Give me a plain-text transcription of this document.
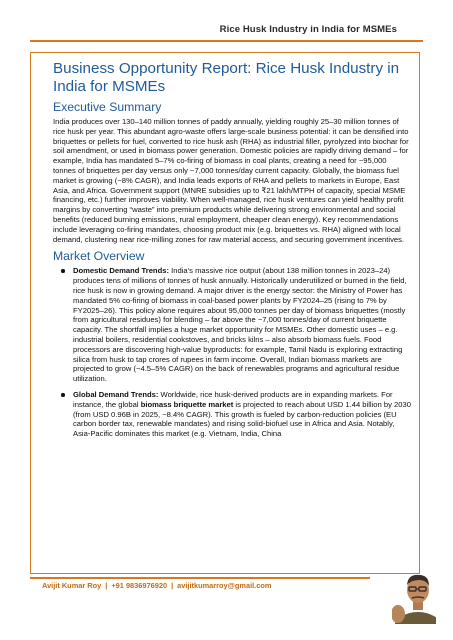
Rice Husk Industry in India for MSMEs
Business Opportunity Report: Rice Husk Industry in India for MSMEs
Executive Summary

India produces over 130–140 million tonnes of paddy annually, yielding roughly 25–30 million tonnes of rice husk per year. This abundant agro-waste offers large-scale business potential: it can be densified into briquettes or pellets for fuel, converted to rice husk ash (RHA) as industrial filler, pyrolyzed into biochar for soil amendment, or used in biomass power generation. Domestic policies are rapidly driving demand – for example, India has mandated 5–7% co-firing of biomass in coal plants, creating a need for ~95,000 tonnes of briquettes per day versus only ~7,000 tonnes/day current capacity. Globally, the biomass fuel market is growing (~8% CAGR), and India leads exports of RHA and pellets to markets in Europe, East Asia, and Africa. Government support (MNRE subsidies up to ₹21 lakh/MTPH of capacity, special MSME financing, etc.) further improves viability. When well-managed, rice husk ventures can yield healthy profit margins by converting “waste” into premium products while delivering strong environmental and social benefits (reduced burning emissions, rural employment, cheaper clean energy). Key recommendations include leveraging co-firing mandates, choosing product mix (e.g. briquettes vs. RHA) aligned with local demand, clustering near rice-milling zones for raw material access, and securing government incentives.

Market Overview
Domestic Demand Trends: India’s massive rice output (about 138 million tonnes in 2023–24) produces tens of millions of tonnes of husk annually. Historically underutilized or burned in the field, rice husk is now in growing demand. A major driver is the energy sector: the Ministry of Power has mandated 5% co-firing of biomass in coal-based power plants by FY2024–25 (rising to 7% by FY2025–26). This policy alone requires about 95,000 tonnes per day of biomass briquettes (mostly from agricultural residues) for blending – far above the ~7,000 tonnes/day of current briquette capacity. The shortfall implies a huge market opportunity for MSMEs. Other domestic uses – e.g. industrial boilers, residential cookstoves, and bricks kilns – also absorb biomass fuels. Food processors are discovering high-value byproducts: for example, Tamil Nadu is exploring extracting silica from husk to tap crores of rupees in farm income. Overall, Indian biomass markets are projected to grow (~4.5–5% CAGR) on the back of renewables programs and agricultural residue utilization.
Global Demand Trends: Worldwide, rice husk-derived products are in expanding markets. For instance, the global biomass briquette market is projected to reach about USD 1.44 billion by 2030 (from USD 0.96B in 2025, ~8.4% CAGR). This growth is fueled by carbon-reduction policies (EU carbon border tax, renewable mandates) and rising solid-biofuel use in Africa and Asia. Notably, Asia-Pacific dominates this market (e.g. Vietnam, India, China
Avijit Kumar Roy | +91 9836976920 | avijitkumarroy@gmail.com
